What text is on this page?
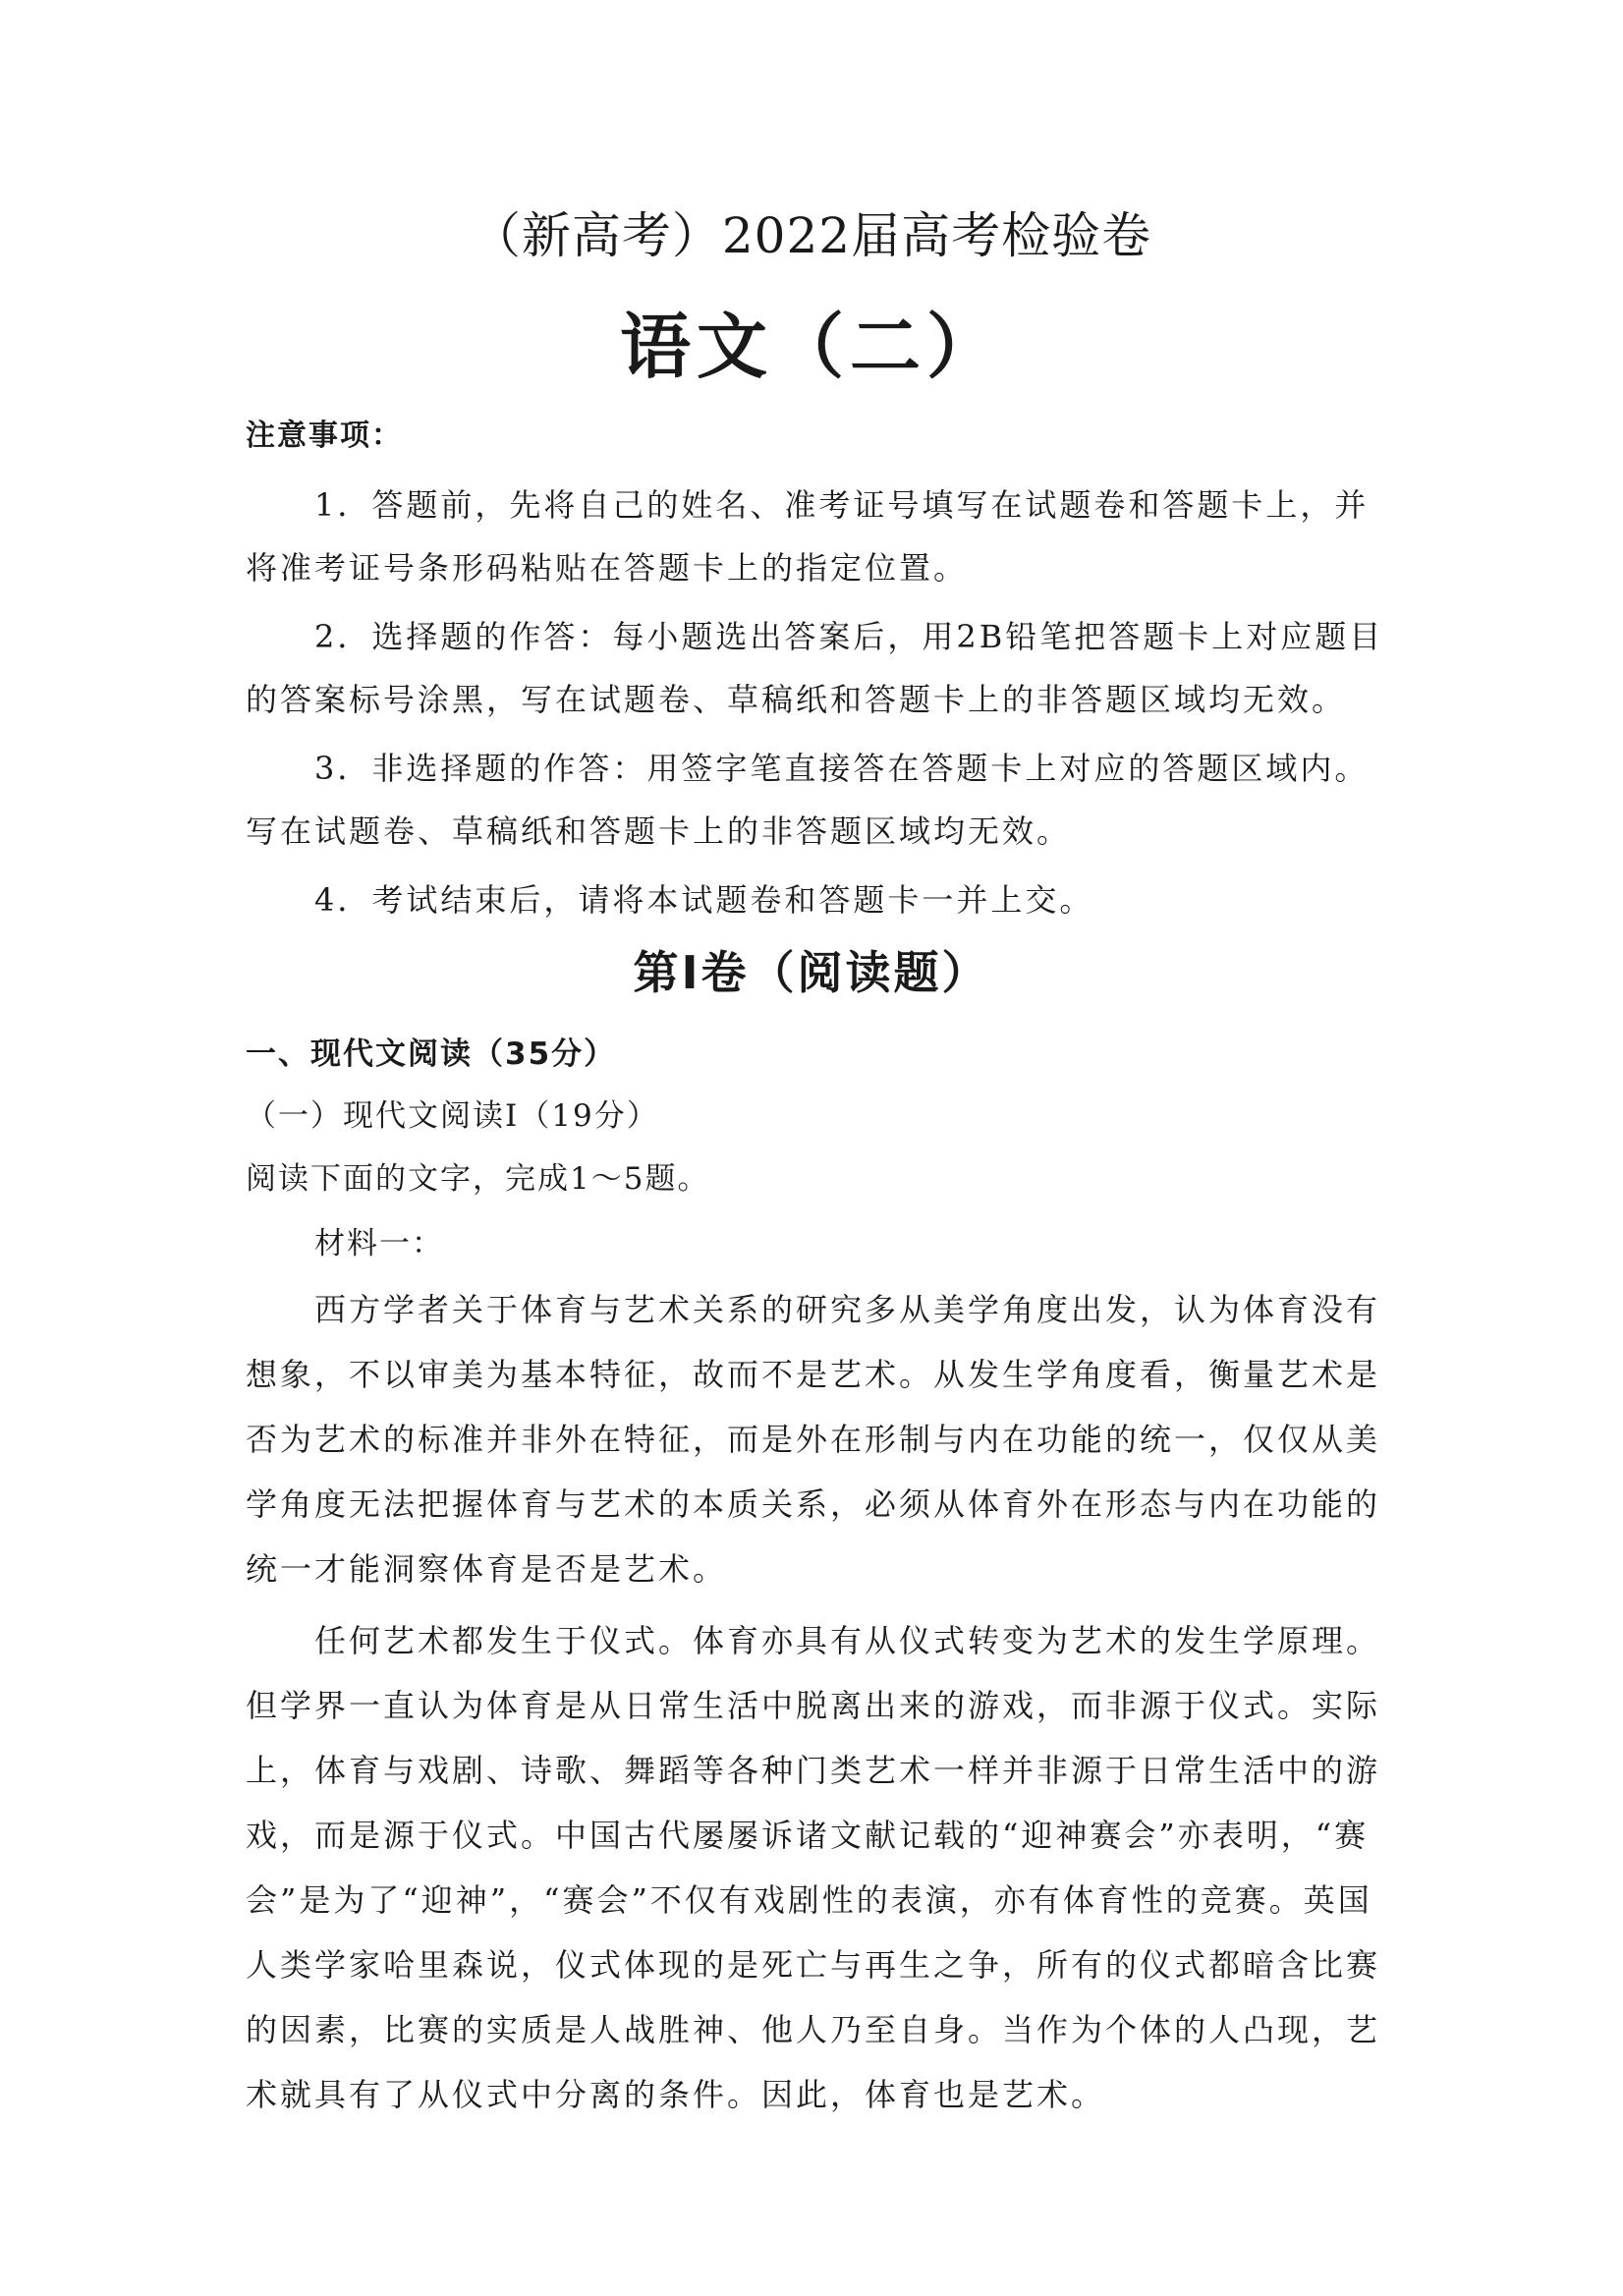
（新高考）2022届高考检验卷
语文（二）
注意事项：
1．答题前，先将自己的姓名、准考证号填写在试题卷和答题卡上，并将准考证号条形码粘贴在答题卡上的指定位置。
2．选择题的作答：每小题选出答案后，用2B铅笔把答题卡上对应题目的答案标号涂黑，写在试题卷、草稿纸和答题卡上的非答题区域均无效。
3．非选择题的作答：用签字笔直接答在答题卡上对应的答题区域内。写在试题卷、草稿纸和答题卡上的非答题区域均无效。
4．考试结束后，请将本试题卷和答题卡一并上交。
第Ⅰ卷（阅读题）
一、现代文阅读（35分）
（一）现代文阅读Ⅰ（19分）
阅读下面的文字，完成1～5题。
材料一：

西方学者关于体育与艺术关系的研究多从美学角度出发，认为体育没有想象，不以审美为基本特征，故而不是艺术。从发生学角度看，衡量艺术是否为艺术的标准并非外在特征，而是外在形制与内在功能的统一，仅仅从美学角度无法把握体育与艺术的本质关系，必须从体育外在形态与内在功能的统一才能洞察体育是否是艺术。

任何艺术都发生于仪式。体育亦具有从仪式转变为艺术的发生学原理。但学界一直认为体育是从日常生活中脱离出来的游戏，而非源于仪式。实际上，体育与戏剧、诗歌、舞蹈等各种门类艺术一样并非源于日常生活中的游戏，而是源于仪式。中国古代屡屡诉诸文献记载的“迎神赛会”亦表明，“赛会”是为了“迎神”，“赛会”不仅有戏剧性的表演，亦有体育性的竞赛。英国人类学家哈里森说，仪式体现的是死亡与再生之争，所有的仪式都暗含比赛的因素，比赛的实质是人战胜神、他人乃至自身。当作为个体的人凸现，艺术就具有了从仪式中分离的条件。因此，体育也是艺术。
